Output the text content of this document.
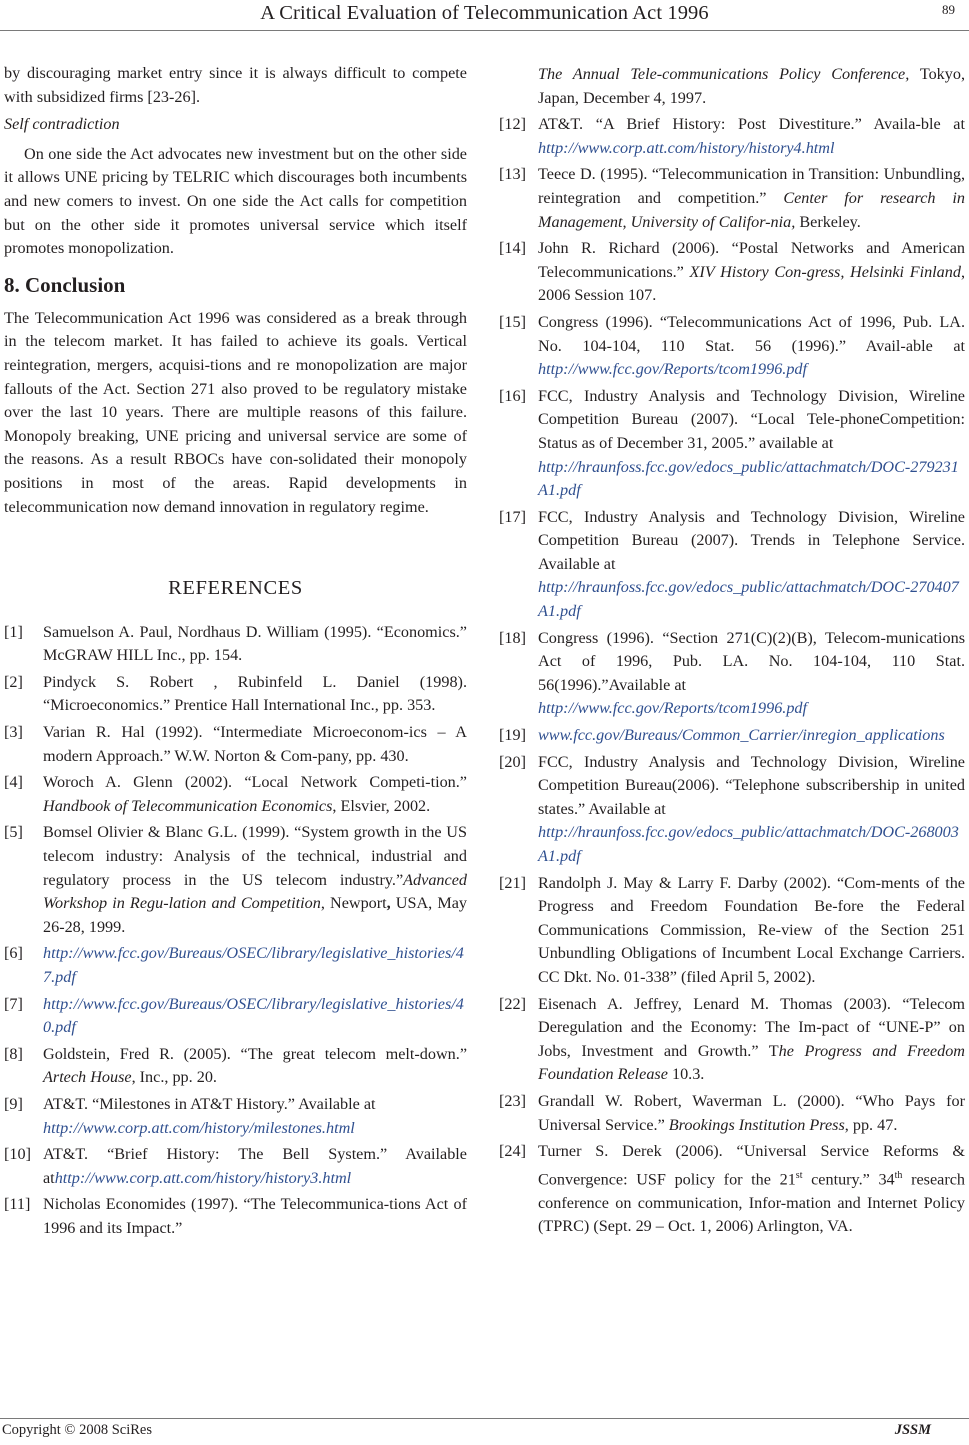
A Critical Evaluation of Telecommunication Act 1996	89

by discouraging market entry since it is always difficult to compete with subsidized firms [23-26].

Self contradiction

On one side the Act advocates new investment but on the other side it allows UNE pricing by TELRIC which discourages both incumbents and new comers to invest. On one side the Act calls for competition but on the other side it promotes universal service which itself promotes monopolization.

8. Conclusion

The Telecommunication Act 1996 was considered as a break through in the telecom market. It has failed to achieve its goals. Vertical reintegration, mergers, acquisi-tions and re monopolization are major fallouts of the Act. Section 271 also proved to be regulatory mistake over the last 10 years. There are multiple reasons of this failure. Monopoly breaking, UNE pricing and universal service are some of the reasons. As a result RBOCs have con-solidated their monopoly positions in most of the areas. Rapid developments in telecommunication now demand innovation in regulatory regime.

REFERENCES

[1] Samuelson A. Paul, Nordhaus D. William (1995). “Economics.” McGRAW HILL Inc., pp. 154.
[2] Pindyck S. Robert , Rubinfeld L. Daniel (1998). “Microeconomics.” Prentice Hall International Inc., pp. 353.
[3] Varian R. Hal (1992). “Intermediate Microeconom-ics – A modern Approach.” W.W. Norton & Com-pany, pp. 430.
[4] Woroch A. Glenn (2002). “Local Network Competi-tion.” Handbook of Telecommunication Economics, Elsvier, 2002.
[5] Bomsel Olivier & Blanc G.L. (1999). “System growth in the US telecom industry: Analysis of the technical, industrial and regulatory process in the US telecom industry.”Advanced Workshop in Regu-lation and Competition, Newport, USA, May 26-28, 1999.
[6] http://www.fcc.gov/Bureaus/OSEC/library/legislative_histories/47.pdf
[7] http://www.fcc.gov/Bureaus/OSEC/library/legislative_histories/40.pdf
[8] Goldstein, Fred R. (2005). “The great telecom melt-down.” Artech House, Inc., pp. 20.
[9] AT&T. “Milestones in AT&T History.” Available at
http://www.corp.att.com/history/milestones.html
[10] AT&T. “Brief History: The Bell System.” Available athttp://www.corp.att.com/history/history3.html
[11] Nicholas Economides (1997). “The Telecommunica-tions Act of 1996 and its Impact.”
The Annual Tele-communications Policy Conference, Tokyo, Japan, December 4, 1997.
[12] AT&T. “A Brief History: Post Divestiture.” Availa-ble at http://www.corp.att.com/history/history4.html
[13] Teece D. (1995). “Telecommunication in Transition: Unbundling, reintegration and competition.” Center for research in Management, University of Califor-nia, Berkeley.
[14] John R. Richard (2006). “Postal Networks and American Telecommunications.” XIV History Con-gress, Helsinki Finland, 2006 Session 107.
[15] Congress (1996). “Telecommunications Act of 1996, Pub. LA. No. 104-104, 110 Stat. 56 (1996).” Avail-able at http://www.fcc.gov/Reports/tcom1996.pdf
[16] FCC, Industry Analysis and Technology Division, Wireline Competition Bureau (2007). “Local Tele-phoneCompetition: Status as of December 31, 2005.” available at
http://hraunfoss.fcc.gov/edocs_public/attachmatch/DOC-279231A1.pdf
[17] FCC, Industry Analysis and Technology Division, Wireline Competition Bureau (2007). Trends in Telephone Service. Available at
http://hraunfoss.fcc.gov/edocs_public/attachmatch/DOC-270407A1.pdf
[18] Congress (1996). “Section 271(C)(2)(B), Telecom-munications Act of 1996, Pub. LA. No. 104-104, 110 Stat. 56(1996).”Available at
http://www.fcc.gov/Reports/tcom1996.pdf
[19] www.fcc.gov/Bureaus/Common_Carrier/inregion_applications
[20] FCC, Industry Analysis and Technology Division, Wireline Competition Bureau(2006). “Telephone subscribership in united states.” Available at
http://hraunfoss.fcc.gov/edocs_public/attachmatch/DOC-268003A1.pdf
[21] Randolph J. May & Larry F. Darby (2002). “Com-ments of the Progress and Freedom Foundation Be-fore the Federal Communications Commission, Re-view of the Section 251 Unbundling Obligations of Incumbent Local Exchange Carriers. CC Dkt. No. 01-338” (filed April 5, 2002).
[22] Eisenach A. Jeffrey, Lenard M. Thomas (2003). “Telecom Deregulation and the Economy: The Im-pact of “UNE-P” on Jobs, Investment and Growth.” The Progress and Freedom Foundation Release 10.3.
[23] Grandall W. Robert, Waverman L. (2000). “Who Pays for Universal Service.” Brookings Institution Press, pp. 47.
[24] Turner S. Derek (2006). “Universal Service Reforms & Convergence: USF policy for the 21st century.” 34th research conference on communication, Infor-mation and Internet Policy (TPRC) (Sept. 29 – Oct. 1, 2006) Arlington, VA.
Copyright © 2008 SciRes	JSSM
